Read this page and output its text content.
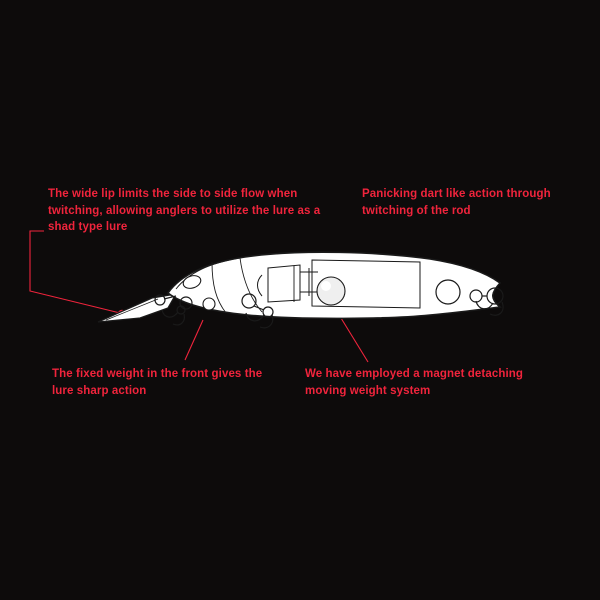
The wide lip limits the side to side flow when twitching, allowing anglers to utilize the lure as a shad type lure
Panicking dart like action through twitching of the rod
The fixed weight in the front gives the lure sharp action
We have employed a magnet detaching moving weight system
